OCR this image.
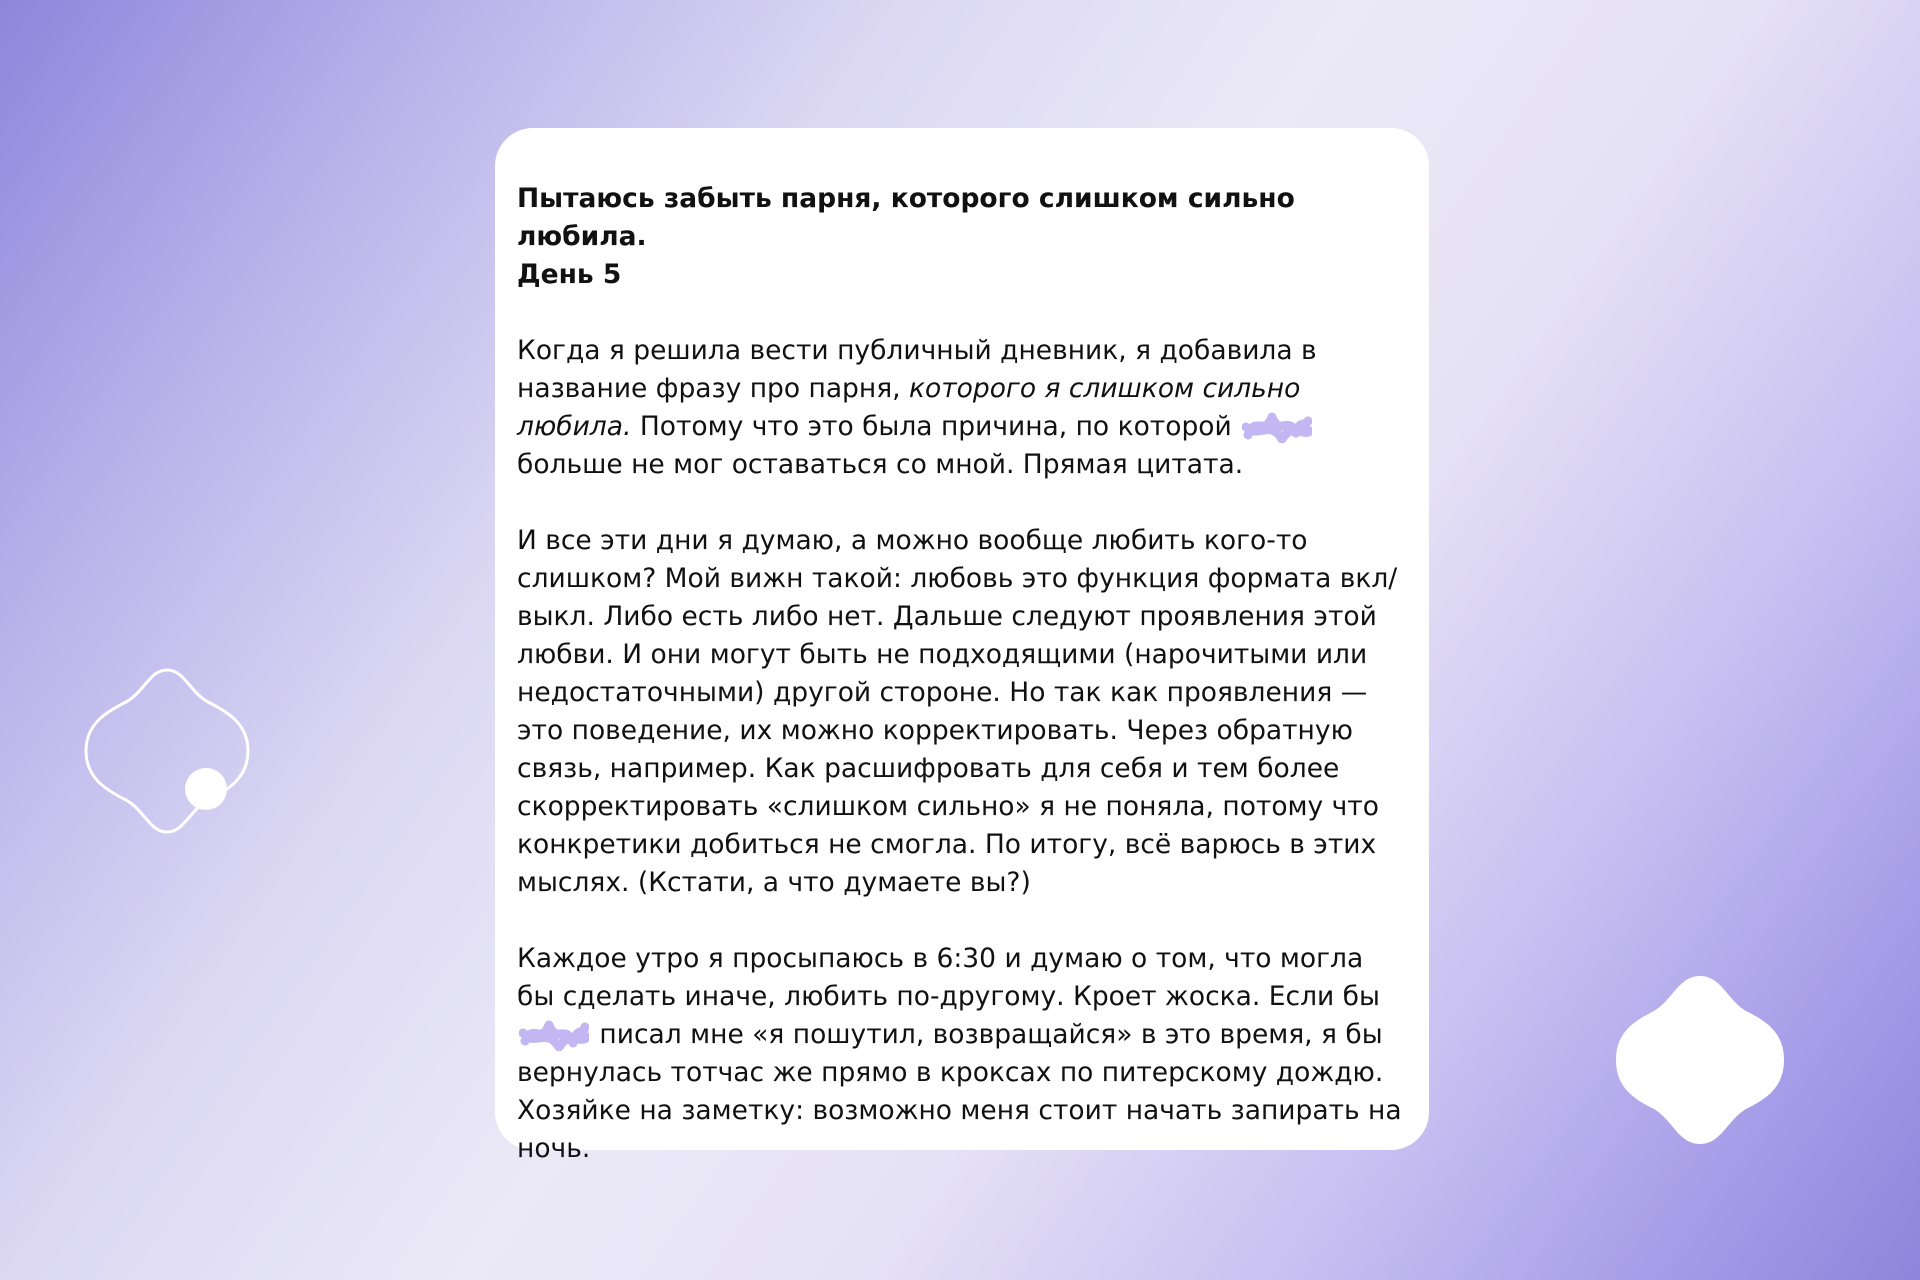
Пытаюсь забыть парня, которого слишком сильно любила.
День 5

Когда я решила вести публичный дневник, я добавила в название фразу про парня, которого я слишком сильно любила. Потому что это была причина, по которой  больше не мог оставаться со мной. Прямая цитата.

И все эти дни я думаю, а можно вообще любить кого-то слишком? Мой вижн такой: любовь это функция формата вкл/выкл. Либо есть либо нет. Дальше следуют проявления этой любви. И они могут быть не подходящими (нарочитыми или недостаточными) другой стороне. Но так как проявления — это поведение, их можно корректировать. Через обратную связь, например. Как расшифровать для себя и тем более скорректировать «слишком сильно» я не поняла, потому что конкретики добиться не смогла. По итогу, всё варюсь в этих мыслях. (Кстати, а что думаете вы?)

Каждое утро я просыпаюсь в 6:30 и думаю о том, что могла бы сделать иначе, любить по-другому. Кроет жоска. Если бы  писал мне «я пошутил, возвращайся» в это время, я бы вернулась тотчас же прямо в кроксах по питерскому дождю. Хозяйке на заметку: возможно меня стоит начать запирать на ночь.
